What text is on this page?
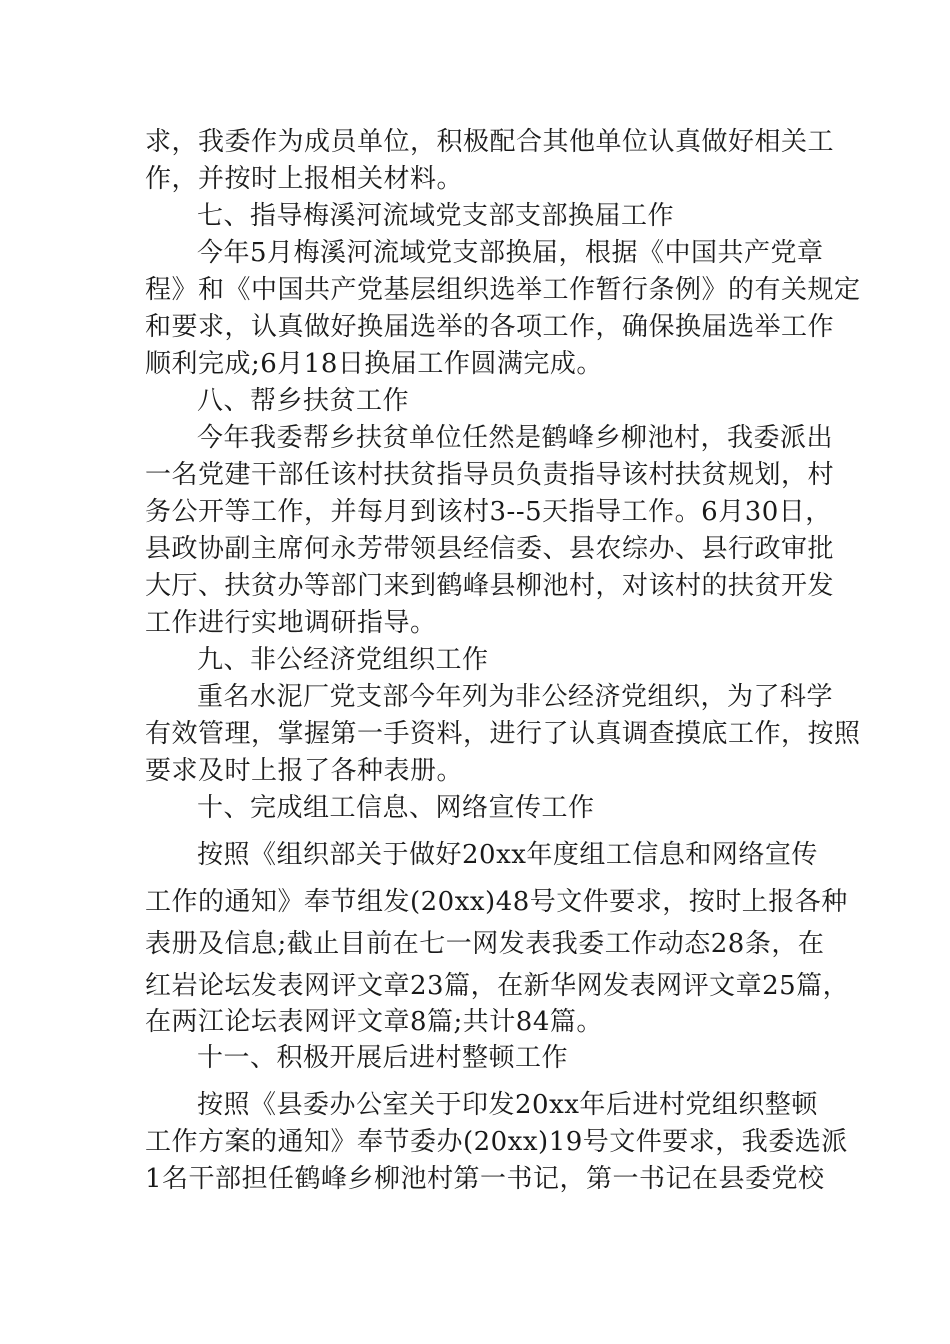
求，我委作为成员单位，积极配合其他单位认真做好相关工
作，并按时上报相关材料。
七、指导梅溪河流域党支部支部换届工作
今年5月梅溪河流域党支部换届，根据《中国共产党章
程》和《中国共产党基层组织选举工作暂行条例》的有关规定
和要求，认真做好换届选举的各项工作，确保换届选举工作
顺利完成;6月18日换届工作圆满完成。
八、帮乡扶贫工作
今年我委帮乡扶贫单位任然是鹤峰乡柳池村，我委派出
一名党建干部任该村扶贫指导员负责指导该村扶贫规划，村
务公开等工作，并每月到该村3--5天指导工作。6月30日，
县政协副主席何永芳带领县经信委、县农综办、县行政审批
大厅、扶贫办等部门来到鹤峰县柳池村，对该村的扶贫开发
工作进行实地调研指导。
九、非公经济党组织工作
重名水泥厂党支部今年列为非公经济党组织，为了科学
有效管理，掌握第一手资料，进行了认真调查摸底工作，按照
要求及时上报了各种表册。
十、完成组工信息、网络宣传工作
按照《组织部关于做好20xx年度组工信息和网络宣传
工作的通知》奉节组发(20xx)48号文件要求，按时上报各种
表册及信息;截止目前在七一网发表我委工作动态28条，在
红岩论坛发表网评文章23篇，在新华网发表网评文章25篇，
在两江论坛表网评文章8篇;共计84篇。
十一、积极开展后进村整顿工作
按照《县委办公室关于印发20xx年后进村党组织整顿
工作方案的通知》奉节委办(20xx)19号文件要求，我委选派
1名干部担任鹤峰乡柳池村第一书记，第一书记在县委党校
